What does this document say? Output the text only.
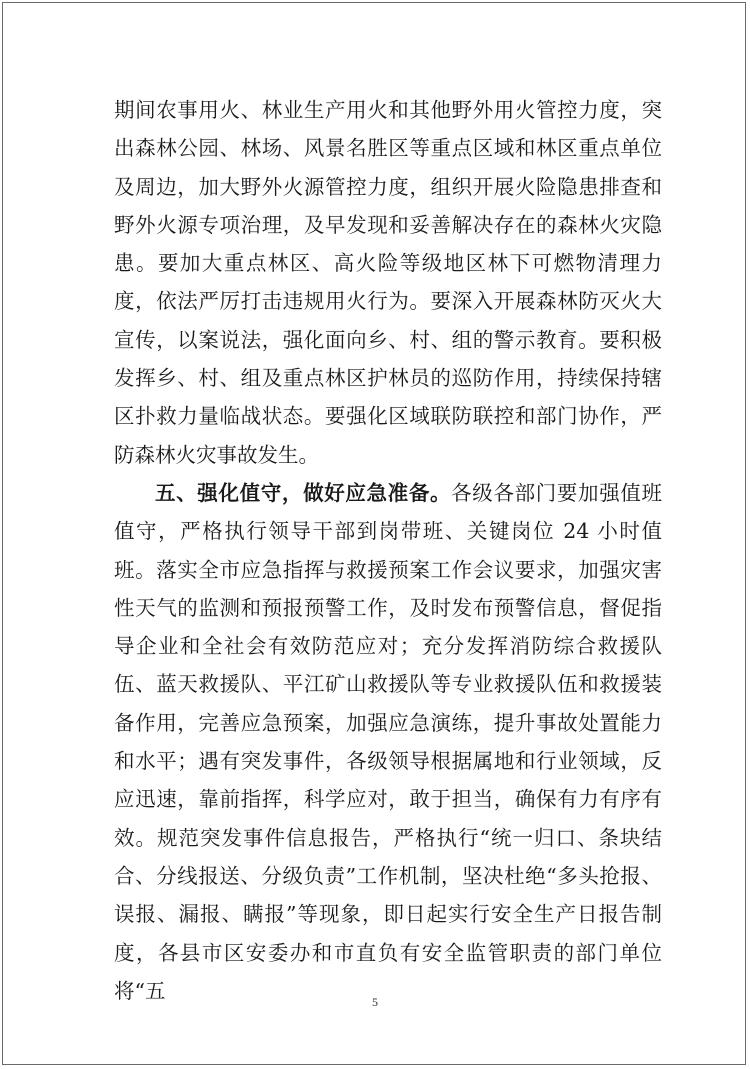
期间农事用火、林业生产用火和其他野外用火管控力度，突出森林公园、林场、风景名胜区等重点区域和林区重点单位及周边，加大野外火源管控力度，组织开展火险隐患排查和野外火源专项治理，及早发现和妥善解决存在的森林火灾隐患。要加大重点林区、高火险等级地区林下可燃物清理力度，依法严厉打击违规用火行为。要深入开展森林防灭火大宣传，以案说法，强化面向乡、村、组的警示教育。要积极发挥乡、村、组及重点林区护林员的巡防作用，持续保持辖区扑救力量临战状态。要强化区域联防联控和部门协作，严防森林火灾事故发生。

五、强化值守，做好应急准备。各级各部门要加强值班值守，严格执行领导干部到岗带班、关键岗位 24 小时值班。落实全市应急指挥与救援预案工作会议要求，加强灾害性天气的监测和预报预警工作，及时发布预警信息，督促指导企业和全社会有效防范应对；充分发挥消防综合救援队伍、蓝天救援队、平江矿山救援队等专业救援队伍和救援装备作用，完善应急预案，加强应急演练，提升事故处置能力和水平；遇有突发事件，各级领导根据属地和行业领域，反应迅速，靠前指挥，科学应对，敢于担当，确保有力有序有效。规范突发事件信息报告，严格执行“统一归口、条块结合、分线报送、分级负责”工作机制，坚决杜绝“多头抢报、误报、漏报、瞒报”等现象，即日起实行安全生产日报告制度，各县市区安委办和市直负有安全监管职责的部门单位将“五	5
